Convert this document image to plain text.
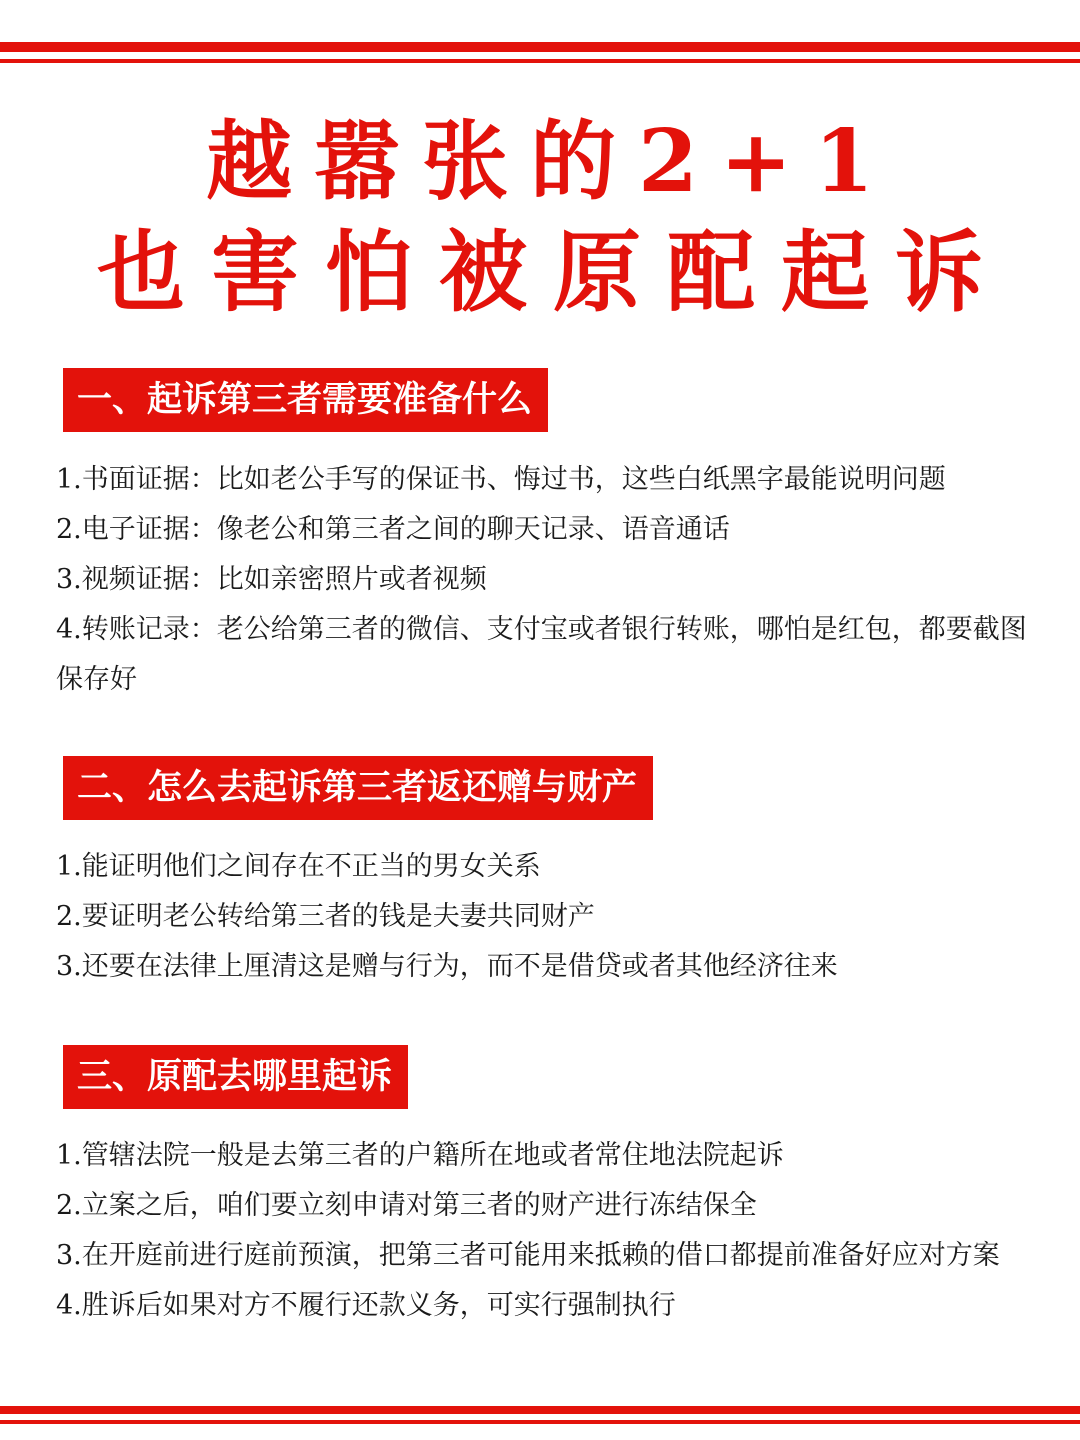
越嚣张的2+1
也害怕被原配起诉
一、起诉第三者需要准备什么

1.书面证据：比如老公手写的保证书、悔过书，这些白纸黑字最能说明问题

2.电子证据：像老公和第三者之间的聊天记录、语音通话

3.视频证据：比如亲密照片或者视频

4.转账记录：老公给第三者的微信、支付宝或者银行转账，哪怕是红包，都要截图保存好

二、怎么去起诉第三者返还赠与财产

1.能证明他们之间存在不正当的男女关系

2.要证明老公转给第三者的钱是夫妻共同财产

3.还要在法律上厘清这是赠与行为，而不是借贷或者其他经济往来

三、原配去哪里起诉

1.管辖法院一般是去第三者的户籍所在地或者常住地法院起诉

2.立案之后，咱们要立刻申请对第三者的财产进行冻结保全

3.在开庭前进行庭前预演，把第三者可能用来抵赖的借口都提前准备好应对方案

4.胜诉后如果对方不履行还款义务，可实行强制执行
